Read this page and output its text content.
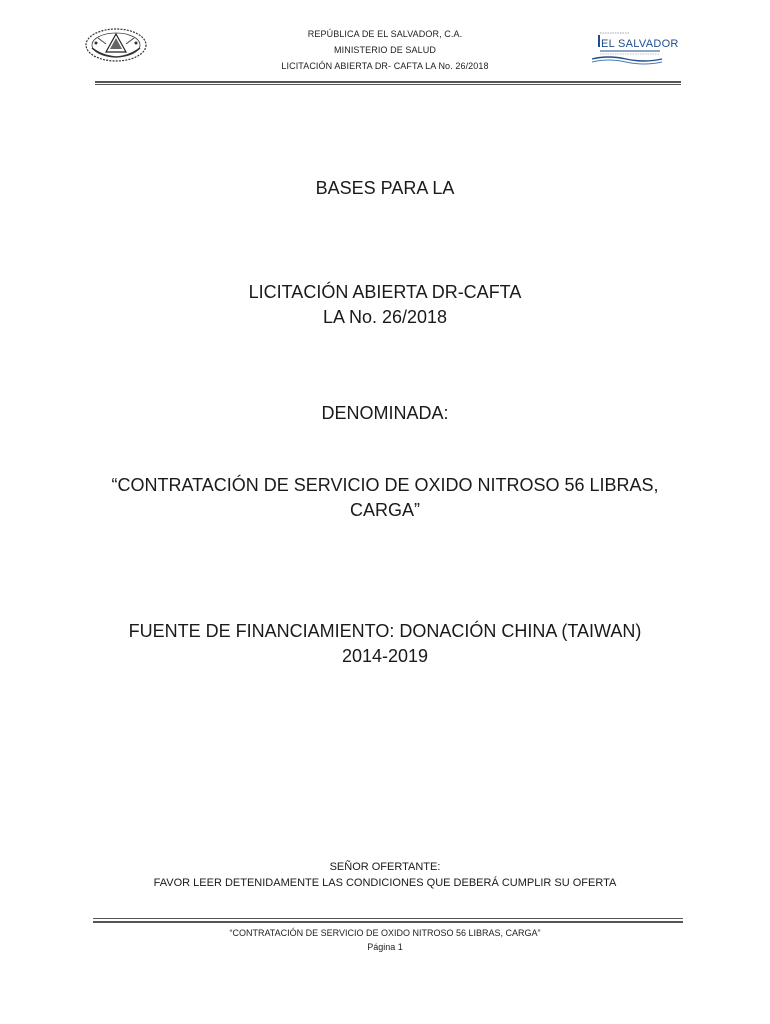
REPÚBLICA DE EL SALVADOR, C.A.
MINISTERIO DE SALUD
LICITACIÓN ABIERTA DR- CAFTA LA No. 26/2018
EL SALVADOR
BASES PARA LA
LICITACIÓN ABIERTA DR-CAFTA
LA No. 26/2018
DENOMINADA:
“CONTRATACIÓN DE SERVICIO DE OXIDO NITROSO 56 LIBRAS,
CARGA”
FUENTE DE FINANCIAMIENTO: DONACIÓN CHINA (TAIWAN)
2014-2019
SEÑOR OFERTANTE:
FAVOR LEER DETENIDAMENTE LAS CONDICIONES QUE DEBERÁ CUMPLIR SU OFERTA
“CONTRATACIÓN DE SERVICIO DE OXIDO NITROSO 56 LIBRAS, CARGA”
Página 1
